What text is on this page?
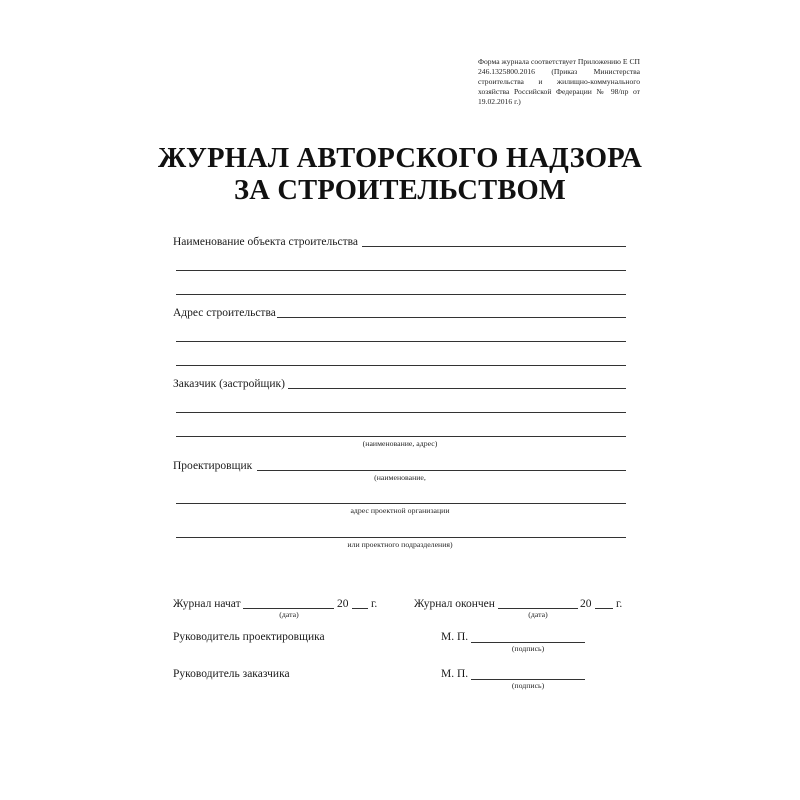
Форма журнала соответствует Приложению Е СП 246.1325800.2016 (Приказ Министерства строительства и жилищно-коммунального хозяйства Российской Федерации № 98/пр от 19.02.2016 г.)
ЖУРНАЛ АВТОРСКОГО НАДЗОРА
ЗА СТРОИТЕЛЬСТВОМ
Наименование объекта строительства
Адрес строительства
Заказчик (застройщик)
(наименование, адрес)
Проектировщик
(наименование,
адрес проектной организации
или проектного подразделения)
Журнал начат	20 г.
(дата)
Журнал окончен	20 г.
(дата)
Руководитель проектировщика	М. П.
(подпись)
Руководитель заказчика	М. П.
(подпись)
